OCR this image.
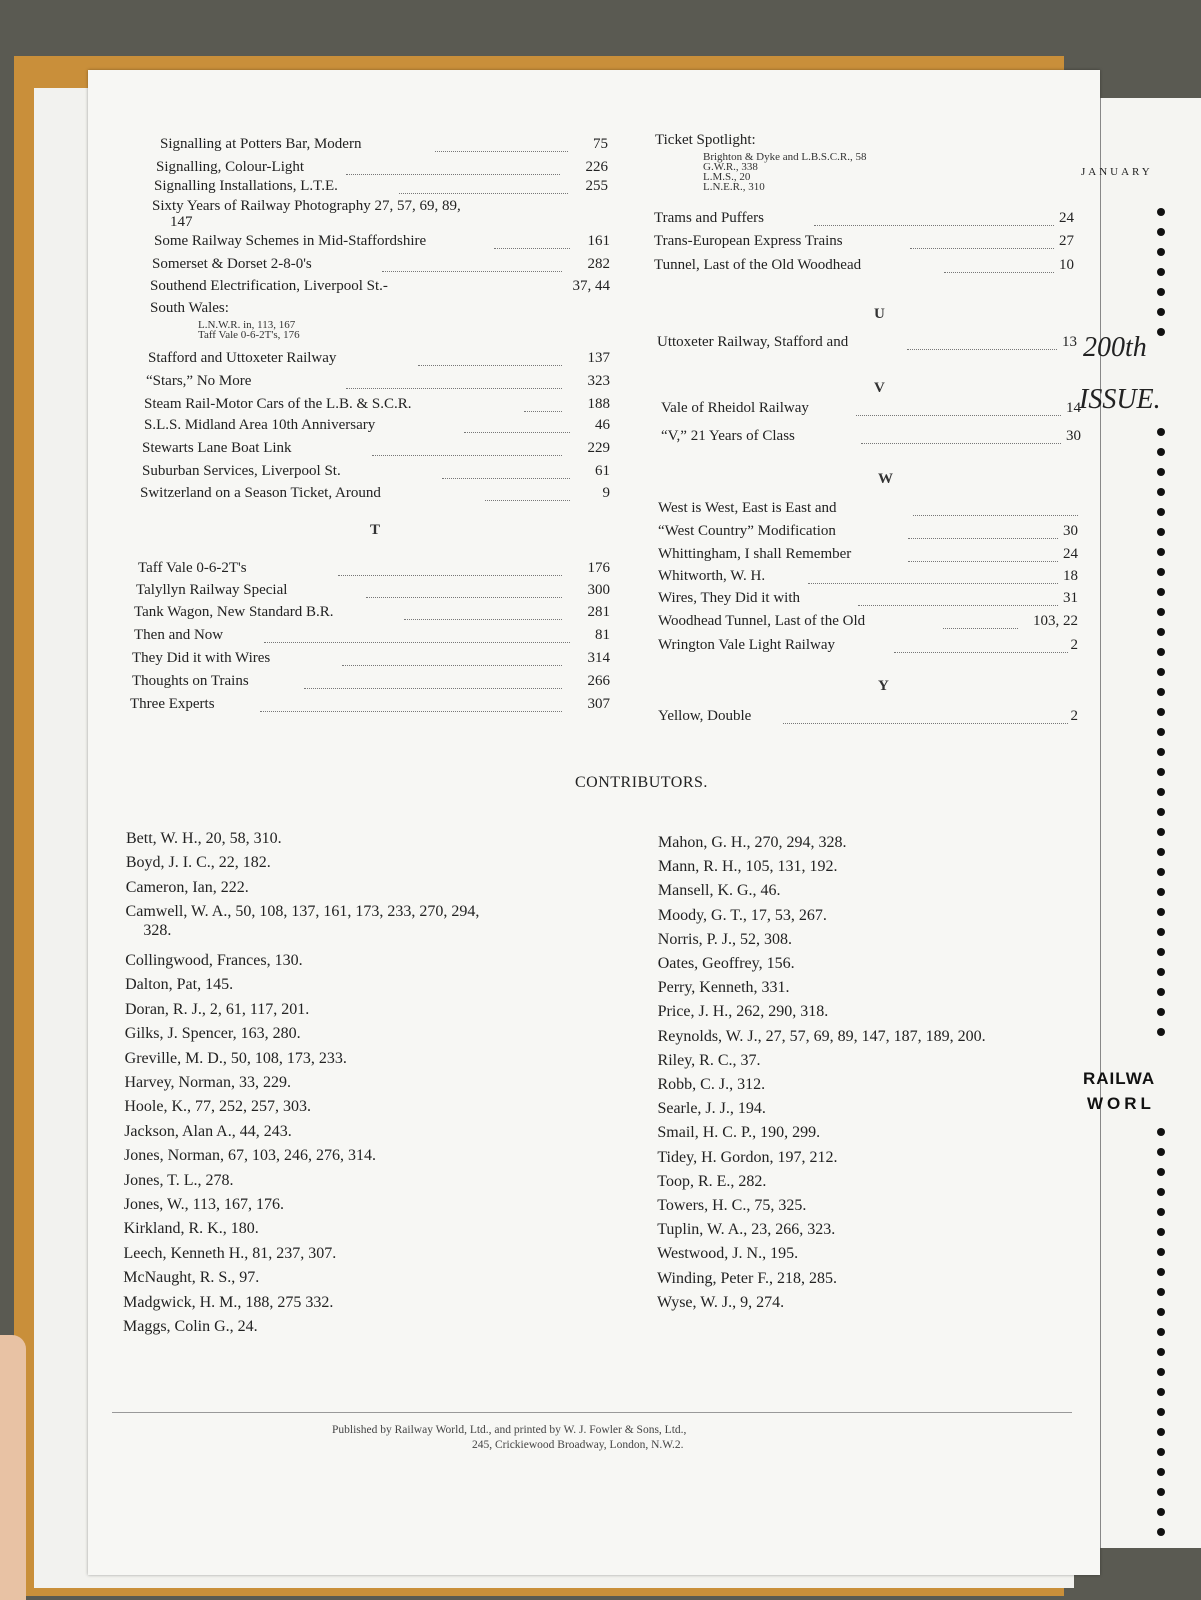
Signalling at Potters Bar, Modern	75
Signalling, Colour-Light	226
Signalling Installations, L.T.E.	255
Sixty Years of Railway Photography 27, 57, 69, 89,
147
Some Railway Schemes in Mid-Staffordshire	161
Somerset & Dorset 2-8-0's	282
Southend Electrification, Liverpool St.-	37, 44
South Wales:
L.N.W.R. in, 113, 167
Taff Vale 0-6-2T's, 176
Stafford and Uttoxeter Railway	137
“Stars,” No More	323
Steam Rail-Motor Cars of the L.B. & S.C.R.	188
S.L.S. Midland Area 10th Anniversary	46
Stewarts Lane Boat Link	229
Suburban Services, Liverpool St.	61
Switzerland on a Season Ticket, Around	9
T
Taff Vale 0-6-2T's	176
Talyllyn Railway Special	300
Tank Wagon, New Standard B.R.	281
Then and Now	81
They Did it with Wires	314
Thoughts on Trains	266
Three Experts	307
Ticket Spotlight:
Brighton & Dyke and L.B.S.C.R., 58
G.W.R., 338
L.M.S., 20
L.N.E.R., 310
Trams and Puffers	24
Trans-European Express Trains	27
Tunnel, Last of the Old Woodhead	10
U
Uttoxeter Railway, Stafford and	13
V
Vale of Rheidol Railway	14
“V,” 21 Years of Class	30
W
West is West, East is East and
“West Country” Modification	30
Whittingham, I shall Remember	24
Whitworth, W. H.	18
Wires, They Did it with	31
Woodhead Tunnel, Last of the Old	103, 22
Wrington Vale Light Railway	2
Y
Yellow, Double	2
CONTRIBUTORS.
Bett, W. H., 20, 58, 310.
Boyd, J. I. C., 22, 182.
Cameron, Ian, 222.
Camwell, W. A., 50, 108, 137, 161, 173, 233, 270, 294,
328.
Collingwood, Frances, 130.
Dalton, Pat, 145.
Doran, R. J., 2, 61, 117, 201.
Gilks, J. Spencer, 163, 280.
Greville, M. D., 50, 108, 173, 233.
Harvey, Norman, 33, 229.
Hoole, K., 77, 252, 257, 303.
Jackson, Alan A., 44, 243.
Jones, Norman, 67, 103, 246, 276, 314.
Jones, T. L., 278.
Jones, W., 113, 167, 176.
Kirkland, R. K., 180.
Leech, Kenneth H., 81, 237, 307.
McNaught, R. S., 97.
Madgwick, H. M., 188, 275 332.
Maggs, Colin G., 24.
Mahon, G. H., 270, 294, 328.
Mann, R. H., 105, 131, 192.
Mansell, K. G., 46.
Moody, G. T., 17, 53, 267.
Norris, P. J., 52, 308.
Oates, Geoffrey, 156.
Perry, Kenneth, 331.
Price, J. H., 262, 290, 318.
Reynolds, W. J., 27, 57, 69, 89, 147, 187, 189, 200.
Riley, R. C., 37.
Robb, C. J., 312.
Searle, J. J., 194.
Smail, H. C. P., 190, 299.
Tidey, H. Gordon, 197, 212.
Toop, R. E., 282.
Towers, H. C., 75, 325.
Tuplin, W. A., 23, 266, 323.
Westwood, J. N., 195.
Winding, Peter F., 218, 285.
Wyse, W. J., 9, 274.
Published by Railway World, Ltd., and printed by W. J. Fowler & Sons, Ltd.,
245, Crickiewood Broadway, London, N.W.2.
JANUARY
200th
ISSUE.
RAILWA
WORL
